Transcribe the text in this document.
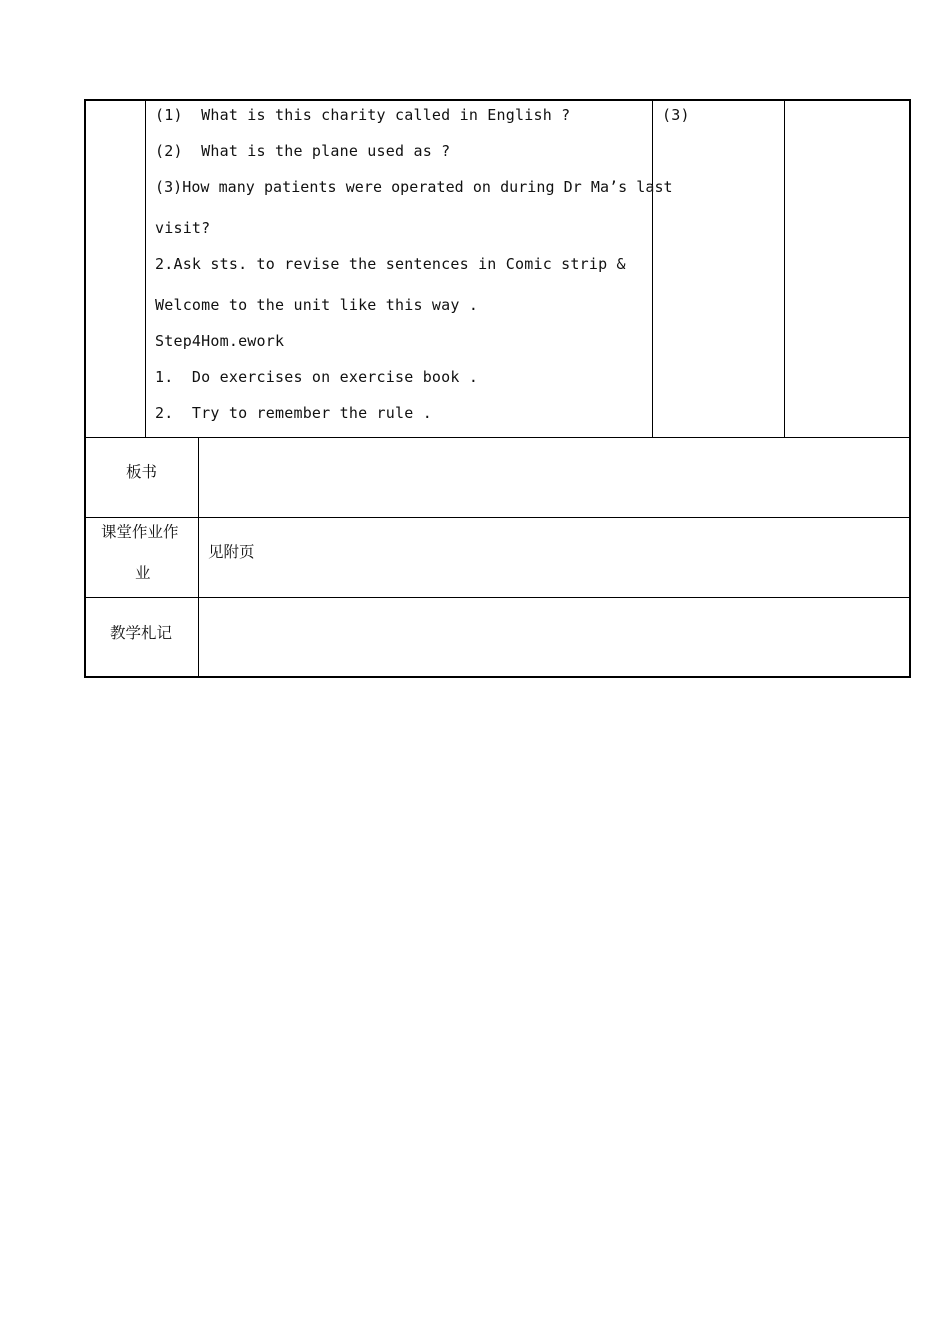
(1)  What is this charity called in English ?
(2)  What is the plane used as ?
(3)How many patients were operated on during Dr Ma’s last
visit?
2.Ask sts. to revise the sentences in Comic strip &
Welcome to the unit like this way .
Step4Hom.ework
1.  Do exercises on exercise book .
2.  Try to remember the rule .
(3)
板书
课堂作业作
业
见附页
教学札记
